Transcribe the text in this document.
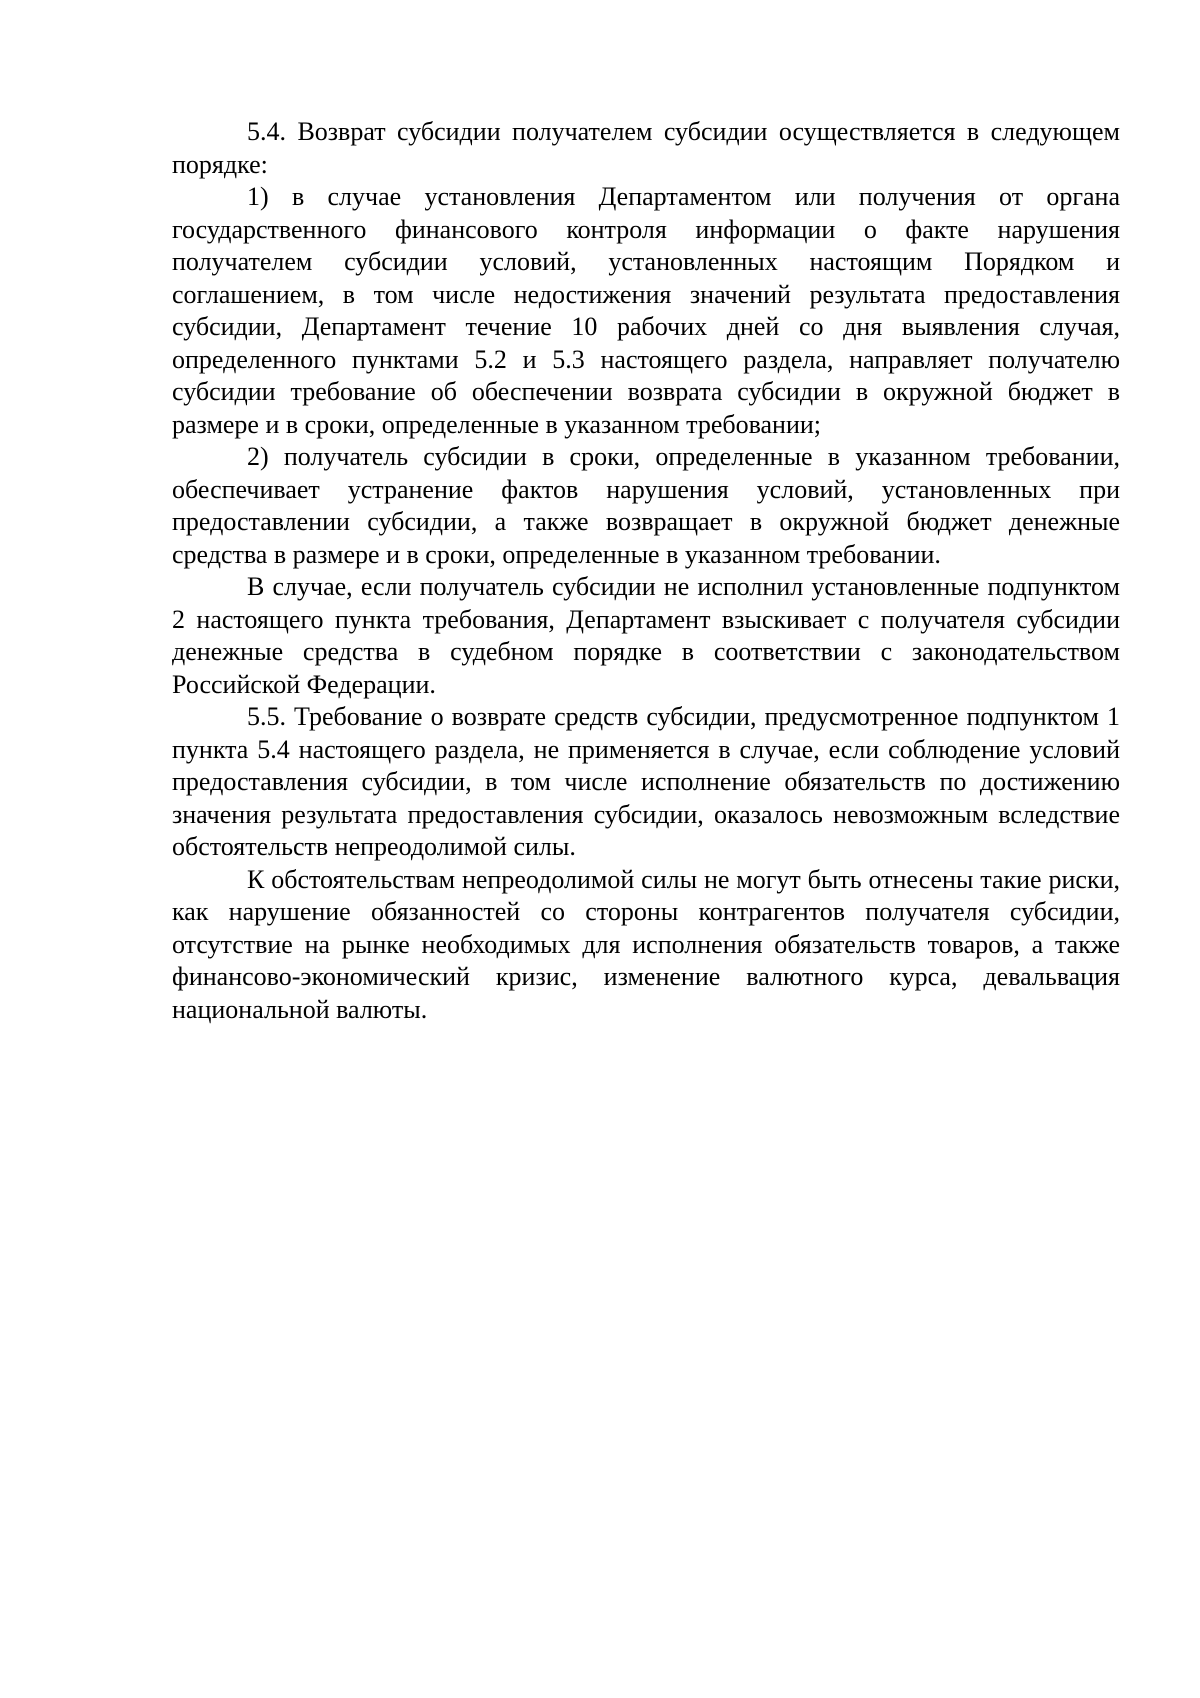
5.4. Возврат субсидии получателем субсидии осуществляется в следующем порядке:

1) в случае установления Департаментом или получения от органа государственного финансового контроля информации о факте нарушения получателем субсидии условий, установленных настоящим Порядком и соглашением, в том числе недостижения значений результата предоставления субсидии, Департамент течение 10 рабочих дней со дня выявления случая, определенного пунктами 5.2 и 5.3 настоящего раздела, направляет получателю субсидии требование об обеспечении возврата субсидии в окружной бюджет в размере и в сроки, определенные в указанном требовании;

2) получатель субсидии в сроки, определенные в указанном требовании, обеспечивает устранение фактов нарушения условий, установленных при предоставлении субсидии, а также возвращает в окружной бюджет денежные средства в размере и в сроки, определенные в указанном требовании.

В случае, если получатель субсидии не исполнил установленные подпунктом 2 настоящего пункта требования, Департамент взыскивает с получателя субсидии денежные средства в судебном порядке в соответствии с законодательством Российской Федерации.

5.5. Требование о возврате средств субсидии, предусмотренное подпунктом 1 пункта 5.4 настоящего раздела, не применяется в случае, если соблюдение условий предоставления субсидии, в том числе исполнение обязательств по достижению значения результата предоставления субсидии, оказалось невозможным вследствие обстоятельств непреодолимой силы.

К обстоятельствам непреодолимой силы не могут быть отнесены такие риски, как нарушение обязанностей со стороны контрагентов получателя субсидии, отсутствие на рынке необходимых для исполнения обязательств товаров, а также финансово-экономический кризис, изменение валютного курса, девальвация национальной валюты.
